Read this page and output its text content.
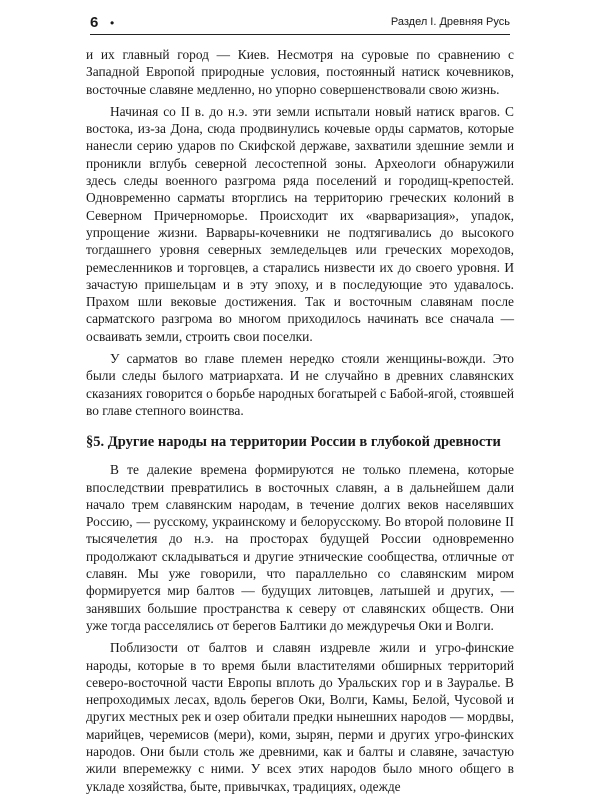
6 •	Раздел I. Древняя Русь

и их главный город — Киев. Несмотря на суровые по сравнению с Западной Европой природные условия, постоянный натиск кочевников, восточные славяне медленно, но упорно совершенствовали свою жизнь.

Начиная со II в. до н.э. эти земли испытали новый натиск врагов. С востока, из-за Дона, сюда продвинулись кочевые орды сарматов, которые нанесли серию ударов по Скифской державе, захватили здешние земли и проникли вглубь северной лесостепной зоны. Археологи обнаружили здесь следы военного разгрома ряда поселений и городищ-крепостей. Одновременно сарматы вторглись на территорию греческих колоний в Северном Причерноморье. Происходит их «варваризация», упадок, упрощение жизни. Варвары-кочевники не подтягивались до высокого тогдашнего уровня северных земледельцев или греческих мореходов, ремесленников и торговцев, а старались низвести их до своего уровня. И зачастую пришельцам и в эту эпоху, и в последующие это удавалось. Прахом шли вековые достижения. Так и восточным славянам после сарматского разгрома во многом приходилось начинать все сначала — осваивать земли, строить свои поселки.

У сарматов во главе племен нередко стояли женщины-вожди. Это были следы былого матриархата. И не случайно в древних славянских сказаниях говорится о борьбе народных богатырей с Бабой-ягой, стоявшей во главе степного воинства.

§5. Другие народы на территории России в глубокой древности

В те далекие времена формируются не только племена, которые впоследствии превратились в восточных славян, а в дальнейшем дали начало трем славянским народам, в течение долгих веков населявших Россию, — русскому, украинскому и белорусскому. Во второй половине II тысячелетия до н.э. на просторах будущей России одновременно продолжают складываться и другие этнические сообщества, отличные от славян. Мы уже говорили, что параллельно со славянским миром формируется мир балтов — будущих литовцев, латышей и других, — занявших большие пространства к северу от славянских обществ. Они уже тогда расселялись от берегов Балтики до междуречья Оки и Волги.

Поблизости от балтов и славян издревле жили и угро-финские народы, которые в то время были властителями обширных территорий северо-восточной части Европы вплоть до Уральских гор и в Зауралье. В непроходимых лесах, вдоль берегов Оки, Волги, Камы, Белой, Чусовой и других местных рек и озер обитали предки нынешних народов — мордвы, марийцев, черемисов (мери), коми, зырян, перми и других угро-финских народов. Они были столь же древними, как и балты и славяне, зачастую жили вперемежку с ними. У всех этих народов было много общего в укладе хозяйства, быте, привычках, традициях, одежде
